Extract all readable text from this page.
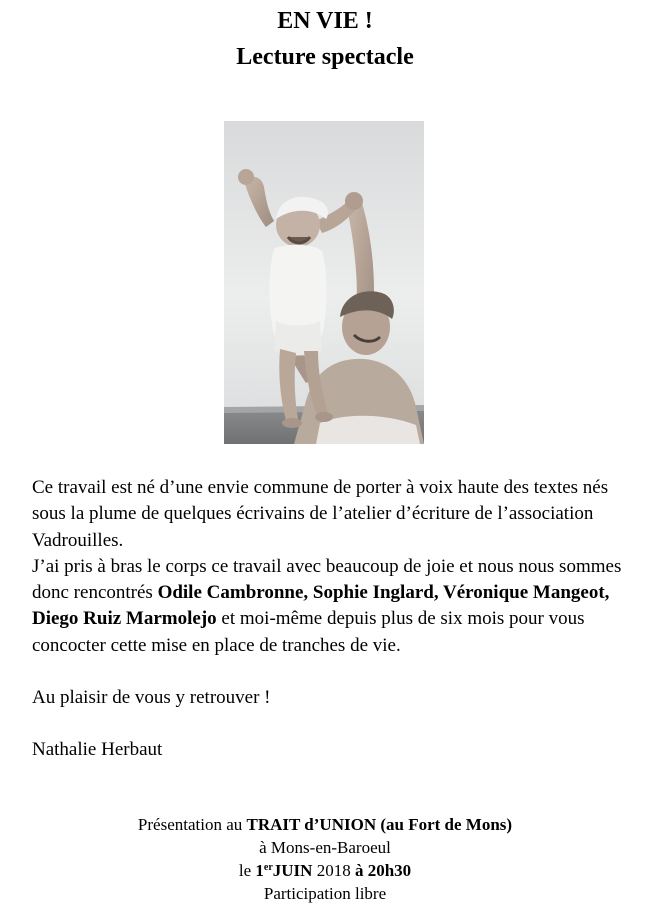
EN VIE !
Lecture spectacle

Ce travail est né d’une envie commune de porter à voix haute des textes nés sous la plume de quelques écrivains de l’atelier d’écriture de l’association Vadrouilles.

J’ai pris à bras le corps ce travail avec beaucoup de joie et nous nous sommes donc rencontrés Odile Cambronne, Sophie Inglard, Véronique Mangeot, Diego Ruiz Marmolejo et moi-même depuis plus de six mois pour vous concocter cette mise en place de tranches de vie.

Au plaisir de vous y retrouver !

Nathalie Herbaut

Présentation au TRAIT d’UNION (au Fort de Mons)
à Mons-en-Baroeul
le 1erJUIN 2018 à 20h30
Participation libre
